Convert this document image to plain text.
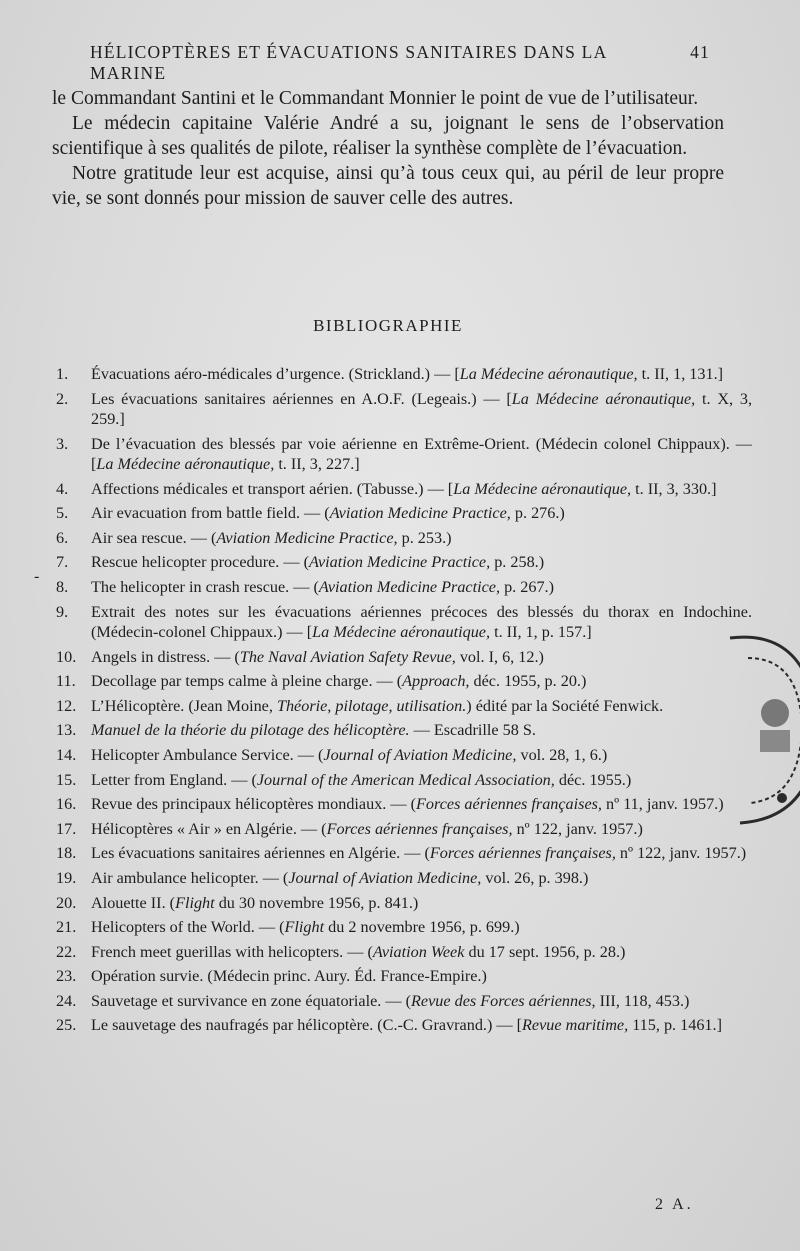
HÉLICOPTÈRES ET ÉVACUATIONS SANITAIRES DANS LA MARINE
41

le Commandant Santini et le Commandant Monnier le point de vue de l’utilisateur.

Le médecin capitaine Valérie André a su, joignant le sens de l’observation scientifique à ses qualités de pilote, réaliser la synthèse complète de l’évacuation.

Notre gratitude leur est acquise, ainsi qu’à tous ceux qui, au péril de leur propre vie, se sont donnés pour mission de sauver celle des autres.

BIBLIOGRAPHIE
1.	Évacuations aéro-médicales d’urgence. (Strickland.) — [La Médecine aéronautique, t. II, 1, 131.]
2.	Les évacuations sanitaires aériennes en A.O.F. (Legeais.) — [La Médecine aéronautique, t. X, 3, 259.]
3.	De l’évacuation des blessés par voie aérienne en Extrême-Orient. (Médecin colonel Chippaux). — [La Médecine aéronautique, t. II, 3, 227.]
4.	Affections médicales et transport aérien. (Tabusse.) — [La Médecine aéronautique, t. II, 3, 330.]
5.	Air evacuation from battle field. — (Aviation Medicine Practice, p. 276.)
6.	Air sea rescue. — (Aviation Medicine Practice, p. 253.)
7.	Rescue helicopter procedure. — (Aviation Medicine Practice, p. 258.)
8.	The helicopter in crash rescue. — (Aviation Medicine Practice, p. 267.)
9.	Extrait des notes sur les évacuations aériennes précoces des blessés du thorax en Indochine. (Médecin-colonel Chippaux.) — [La Médecine aéronautique, t. II, 1, p. 157.]
10. Angels in distress. — (The Naval Aviation Safety Revue, vol. I, 6, 12.)
11. Decollage par temps calme à pleine charge. — (Approach, déc. 1955, p. 20.)
12. L’Hélicoptère. (Jean Moine, Théorie, pilotage, utilisation.) édité par la Société Fenwick.
13. Manuel de la théorie du pilotage des hélicoptère. — Escadrille 58 S.
14. Helicopter Ambulance Service. — (Journal of Aviation Medicine, vol. 28, 1, 6.)
15. Letter from England. — (Journal of the American Medical Association, déc. 1955.)
16. Revue des principaux hélicoptères mondiaux. — (Forces aériennes françaises, nº 11, janv. 1957.)
17. Hélicoptères « Air » en Algérie. — (Forces aériennes françaises, nº 122, janv. 1957.)
18. Les évacuations sanitaires aériennes en Algérie. — (Forces aériennes françaises, nº 122, janv. 1957.)
19. Air ambulance helicopter. — (Journal of Aviation Medicine, vol. 26, p. 398.)
20. Alouette II. (Flight du 30 novembre 1956, p. 841.)
21. Helicopters of the World. — (Flight du 2 novembre 1956, p. 699.)
22. French meet guerillas with helicopters. — (Aviation Week du 17 sept. 1956, p. 28.)
23. Opération survie. (Médecin princ. Aury. Éd. France-Empire.)
24. Sauvetage et survivance en zone équatoriale. — (Revue des Forces aériennes, III, 118, 453.)
25. Le sauvetage des naufragés par hélicoptère. (C.-C. Gravrand.) — [Revue maritime, 115, p. 1461.]
-
2 A.
